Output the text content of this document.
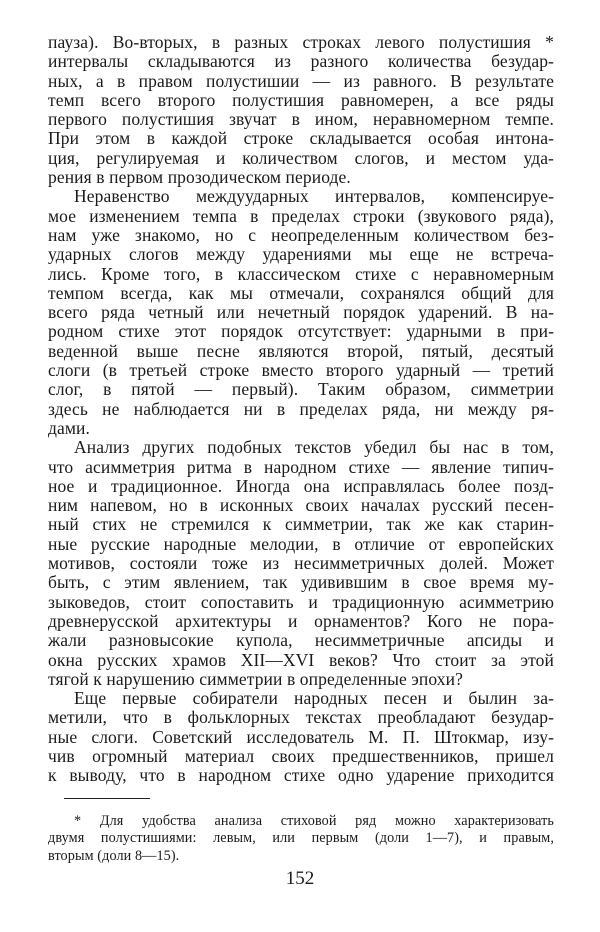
пауза). Во-вторых, в разных строках левого полустишия *
интервалы складываются из разного количества безудар-
ных, а в правом полустишии — из равного. В результате
темп всего второго полустишия равномерен, а все ряды
первого полустишия звучат в ином, неравномерном темпе.
При этом в каждой строке складывается особая интона-
ция, регулируемая и количеством слогов, и местом уда-
рения в первом прозодическом периоде.
Неравенство междуударных интервалов, компенсируе-
мое изменением темпа в пределах строки (звукового ряда),
нам уже знакомо, но с неопределенным количеством без-
ударных слогов между ударениями мы еще не встреча-
лись. Кроме того, в классическом стихе с неравномерным
темпом всегда, как мы отмечали, сохранялся общий для
всего ряда четный или нечетный порядок ударений. В на-
родном стихе этот порядок отсутствует: ударными в при-
веденной выше песне являются второй, пятый, десятый
слоги (в третьей строке вместо второго ударный — третий
слог, в пятой — первый). Таким образом, симметрии
здесь не наблюдается ни в пределах ряда, ни между ря-
дами.
Анализ других подобных текстов убедил бы нас в том,
что асимметрия ритма в народном стихе — явление типич-
ное и традиционное. Иногда она исправлялась более позд-
ним напевом, но в исконных своих началах русский песен-
ный стих не стремился к симметрии, так же как старин-
ные русские народные мелодии, в отличие от европейских
мотивов, состояли тоже из несимметричных долей. Может
быть, с этим явлением, так удивившим в свое время му-
зыковедов, стоит сопоставить и традиционную асимметрию
древнерусской архитектуры и орнаментов? Кого не пора-
жали разновысокие купола, несимметричные апсиды и
окна русских храмов XII—XVI веков? Что стоит за этой
тягой к нарушению симметрии в определенные эпохи?
Еще первые собиратели народных песен и былин за-
метили, что в фольклорных текстах преобладают безудар-
ные слоги. Советский исследователь М. П. Штокмар, изу-
чив огромный материал своих предшественников, пришел
к выводу, что в народном стихе одно ударение приходится
* Для удобства анализа стиховой ряд можно характеризовать
двумя полустишиями: левым, или первым (доли 1—7), и правым,
вторым (доли 8—15).
152
